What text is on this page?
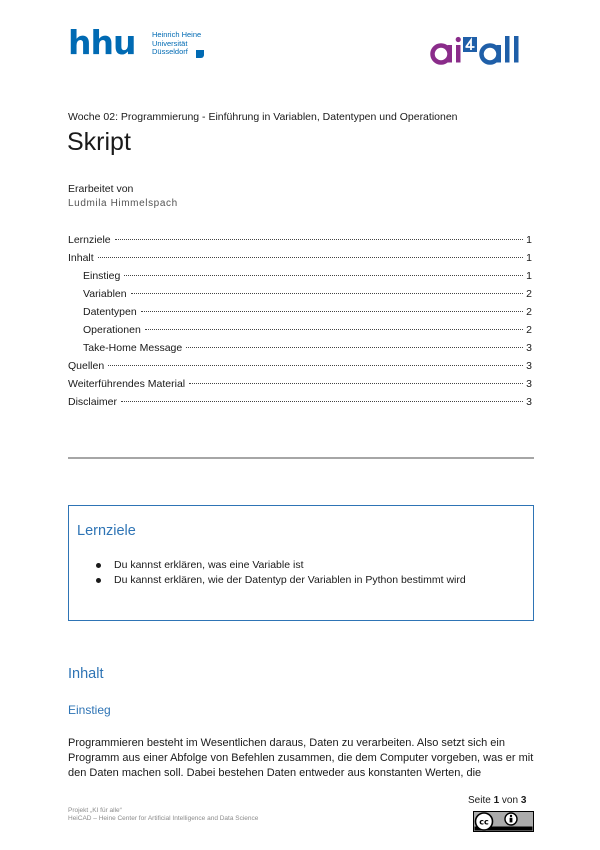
hhu Heinrich Heine
Universität
Düsseldorf
Woche 02: Programmierung - Einführung in Variablen, Datentypen und Operationen
Skript
Erarbeitet von
Ludmila Himmelspach
Lernziele	1
Inhalt	1
Einstieg	1
Variablen	2
Datentypen	2
Operationen	2
Take-Home Message	3
Quellen	3
Weiterführendes Material	3
Disclaimer	3
Lernziele
Du kannst erklären, was eine Variable ist
Du kannst erklären, wie der Datentyp der Variablen in Python bestimmt wird
Inhalt
Einstieg

Programmieren besteht im Wesentlichen daraus, Daten zu verarbeiten. Also setzt sich ein Programm aus einer Abfolge von Befehlen zusammen, die dem Computer vorgeben, was er mit den Daten machen soll. Dabei bestehen Daten entweder aus konstanten Werten, die

Projekt „KI für alle“
HeiCAD – Heine Center for Artificial Intelligence and Data Science
Seite 1 von 3
cc
